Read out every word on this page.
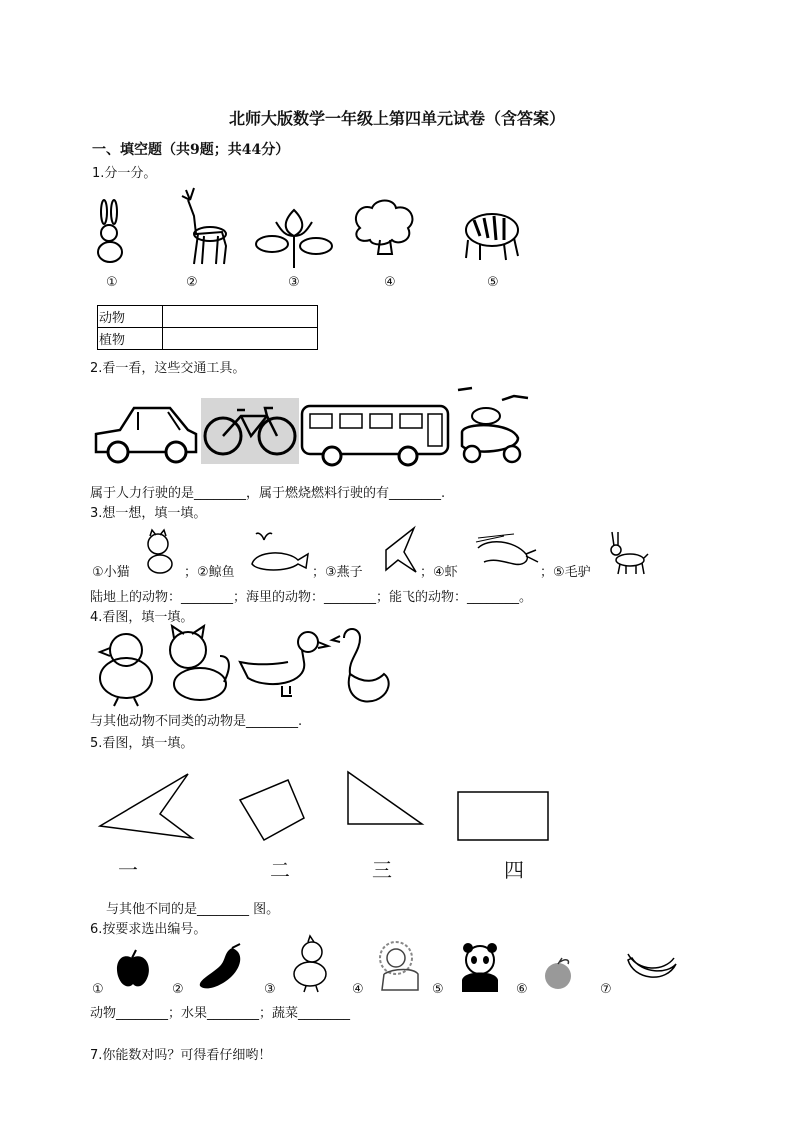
北师大版数学一年级上第四单元试卷（含答案）
一、填空题（共9题；共44分）
1.分一分。
①	②	③	④	⑤
动物	
植物	
2.看一看，这些交通工具。
属于人力行驶的是________，属于燃烧燃料行驶的有________.
3.想一想，填一填。
①小猫	；②鲸鱼	；③燕子	；④虾	；⑤毛驴
陆地上的动物：________；海里的动物：________；能飞的动物：________。
4.看图，填一填。
与其他动物不同类的动物是________.
5.看图，填一填。
一	二	三	四
与其他不同的是________ 图。
6.按要求选出编号。
①	②	③	④	⑤	⑥	⑦
动物________；水果________；蔬菜________
7.你能数对吗？可得看仔细哟！
